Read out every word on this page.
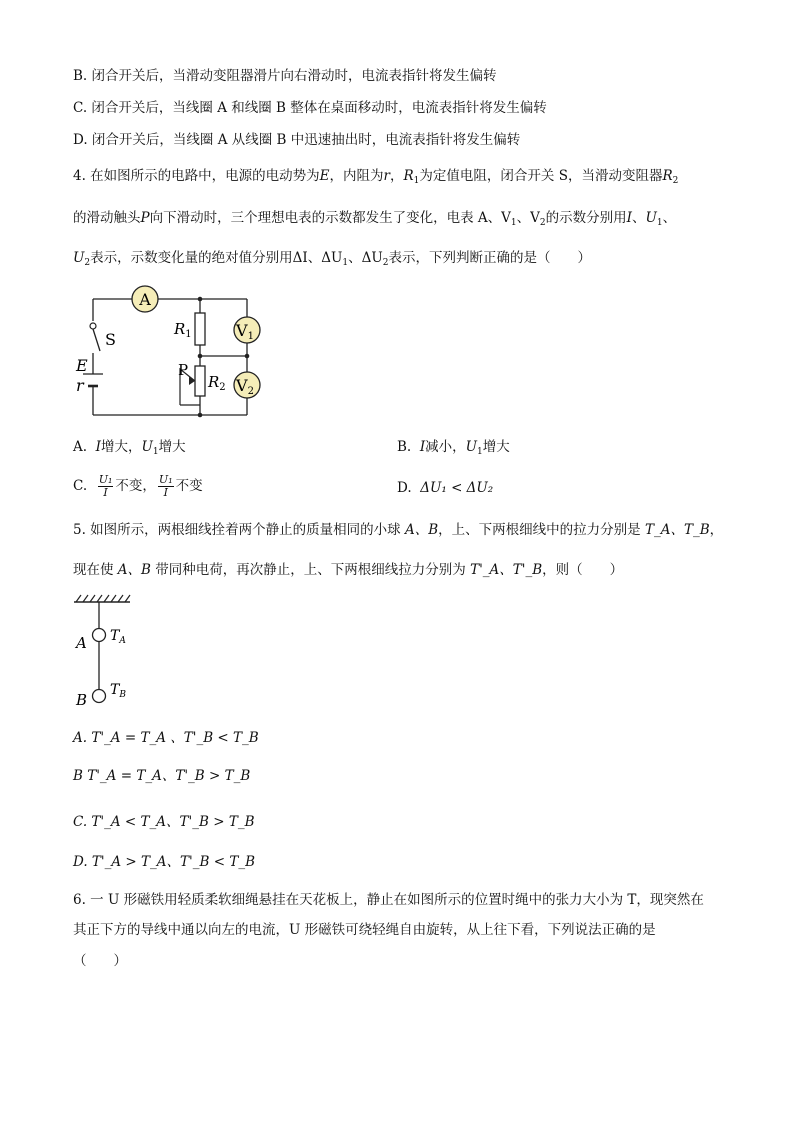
B. 闭合开关后，当滑动变阻器滑片向右滑动时，电流表指针将发生偏转
C. 闭合开关后，当线圈 A 和线圈 B 整体在桌面移动时，电流表指针将发生偏转
D. 闭合开关后，当线圈 A 从线圈 B 中迅速抽出时，电流表指针将发生偏转
4. 在如图所示的电路中，电源的电动势为E，内阻为r，$R_1$为定值电阻，闭合开关 S，当滑动变阻器$R_2$
的滑动触头P向下滑动时，三个理想电表的示数都发生了变化，电表 A、$V_1$、$V_2$的示数分别用I、$U_1$、
$U_2$表示，示数变化量的绝对值分别用ΔI、$\Delta U_1$、$\Delta U_2$表示，下列判断正确的是（　　）
A
V1
V2
S
E
r
$R_1$
P
$R_2$
A. I增大，$U_1$增大	B. I减小，$U_1$增大
C. $\frac{\text{U₁}}{I}$ 不变， $\frac{\text{U₁}}{I}$ 不变	D. ΔU₁ < ΔU₂
5. 如图所示，两根细线拴着两个静止的质量相同的小球 A、B，上、下两根细线中的拉力分别是 T_A、T_B，
现在使 A、B 带同种电荷，再次静止，上、下两根细线拉力分别为 T'_A、T'_B，则（　　）
A
B
$T_A$
$T_B$
A. T'_A = T_A 、T'_B < T_B
B T'_A = T_A、T'_B > T_B
C. T'_A < T_A、T'_B > T_B
D. T'_A > T_A、T'_B < T_B
6. 一 U 形磁铁用轻质柔软细绳悬挂在天花板上，静止在如图所示的位置时绳中的张力大小为 T，现突然在
其正下方的导线中通以向左的电流，U 形磁铁可绕轻绳自由旋转，从上往下看，下列说法正确的是
（　　）
